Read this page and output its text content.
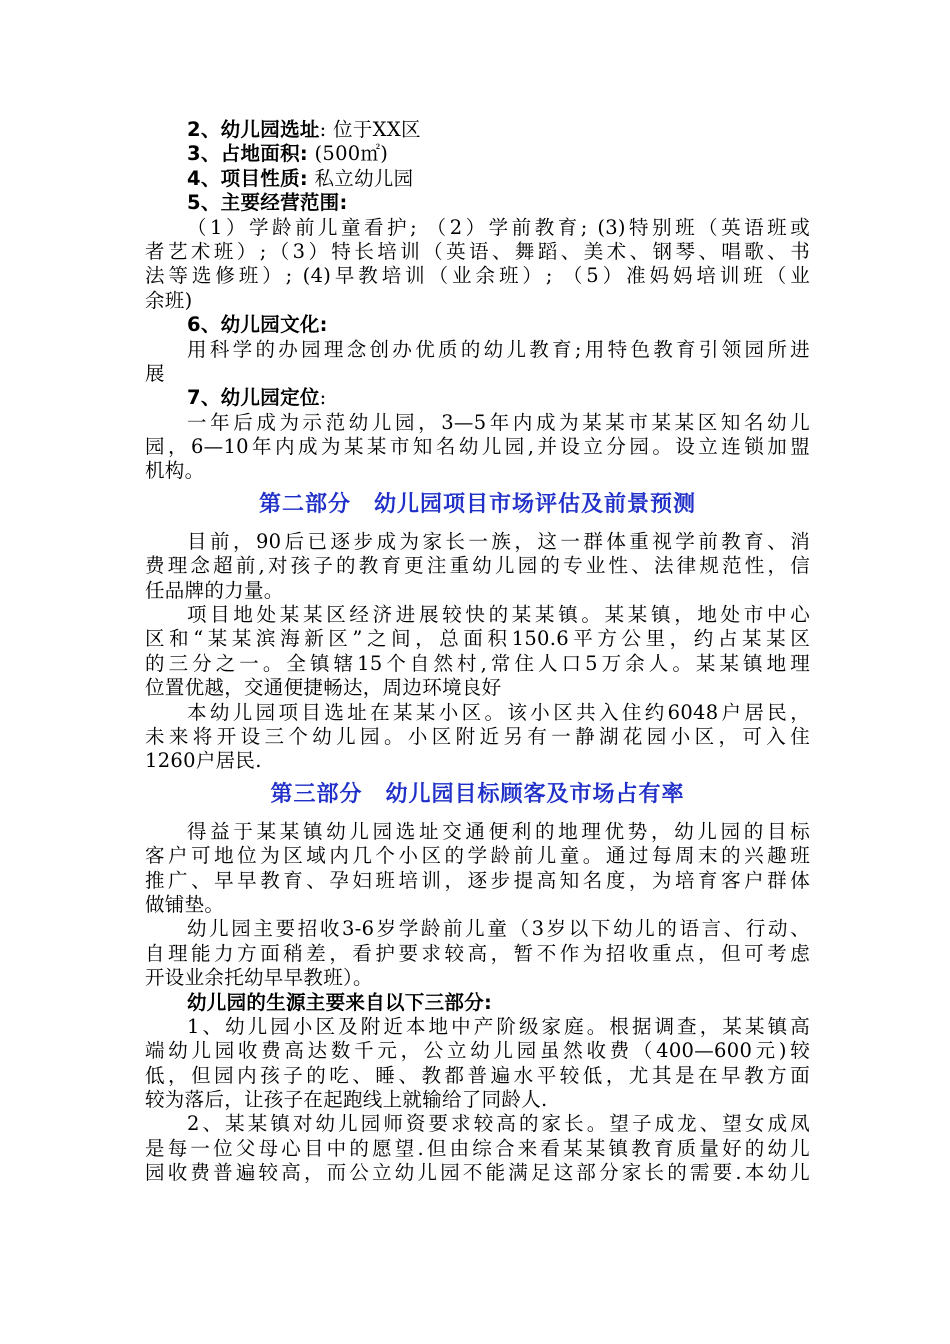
2、幼儿园选址: 位于XX区
3、占地面积: (500㎡)
4、项目性质: 私立幼儿园
5、主要经营范围:
（1）学龄前儿童看护; （2）学前教育; (3)特别班（英语班或
者艺术班）;（3）特长培训（英语、舞蹈、美术、钢琴、唱歌、书
法等选修班）; (4)早教培训（业余班）; （5）准妈妈培训班（业
余班)
6、幼儿园文化:
用科学的办园理念创办优质的幼儿教育;用特色教育引领园所进
展
7、幼儿园定位:
一年后成为示范幼儿园，3—5年内成为某某市某某区知名幼儿
园，6—10年内成为某某市知名幼儿园,并设立分园。设立连锁加盟
机构。
第二部分　幼儿园项目市场评估及前景预测
目前，90后已逐步成为家长一族，这一群体重视学前教育、消
费理念超前,对孩子的教育更注重幼儿园的专业性、法律规范性，信
任品牌的力量。
项目地处某某区经济进展较快的某某镇。某某镇，地处市中心
区和“某某滨海新区”之间，总面积150.6平方公里，约占某某区
的三分之一。全镇辖15个自然村,常住人口5万余人。某某镇地理
位置优越，交通便捷畅达，周边环境良好
本幼儿园项目选址在某某小区。该小区共入住约6048户居民，
未来将开设三个幼儿园。小区附近另有一静湖花园小区，可入住
1260户居民.
第三部分　幼儿园目标顾客及市场占有率
得益于某某镇幼儿园选址交通便利的地理优势，幼儿园的目标
客户可地位为区域内几个小区的学龄前儿童。通过每周末的兴趣班
推广、早早教育、孕妇班培训，逐步提高知名度，为培育客户群体
做铺垫。
幼儿园主要招收3-6岁学龄前儿童（3岁以下幼儿的语言、行动、
自理能力方面稍差，看护要求较高，暂不作为招收重点，但可考虑
开设业余托幼早早教班）。
幼儿园的生源主要来自以下三部分:
1、幼儿园小区及附近本地中产阶级家庭。根据调查，某某镇高
端幼儿园收费高达数千元，公立幼儿园虽然收费（400—600元)较
低，但园内孩子的吃、睡、教都普遍水平较低，尤其是在早教方面
较为落后，让孩子在起跑线上就输给了同龄人.
2、某某镇对幼儿园师资要求较高的家长。望子成龙、望女成凤
是每一位父母心目中的愿望.但由综合来看某某镇教育质量好的幼儿
园收费普遍较高，而公立幼儿园不能满足这部分家长的需要.本幼儿
